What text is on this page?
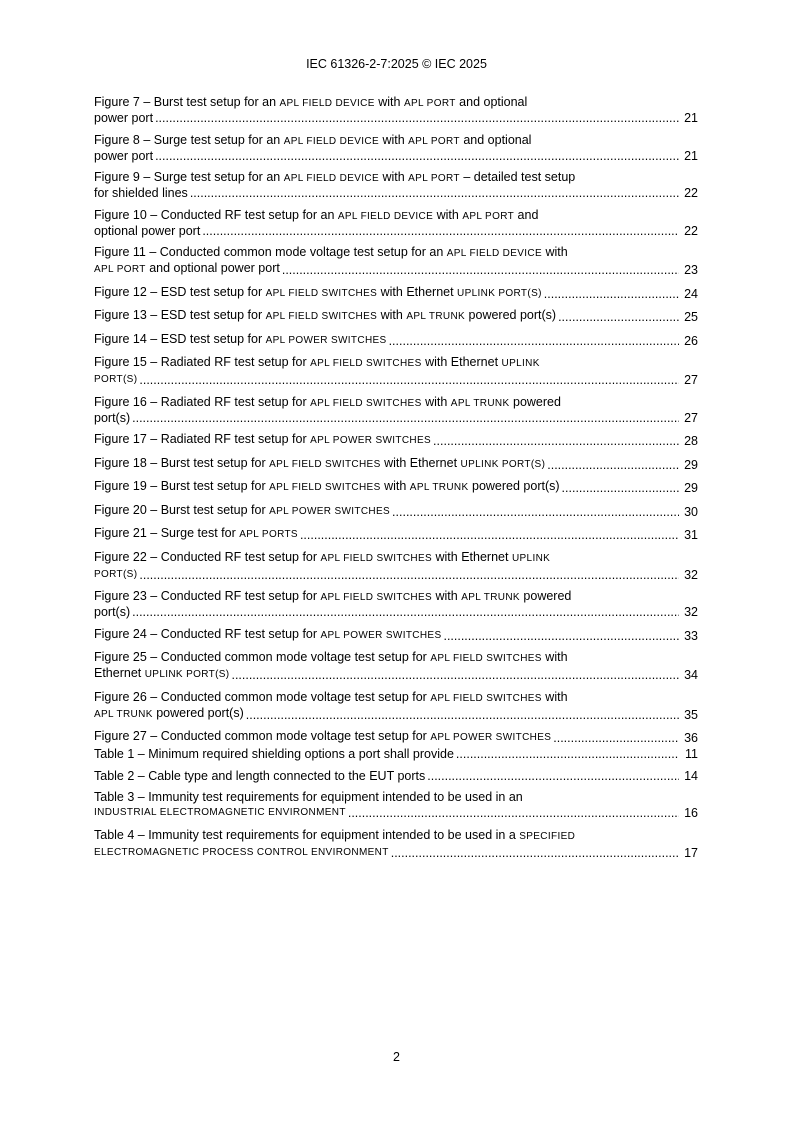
IEC 61326-2-7:2025 © IEC 2025
Figure 7 – Burst test setup for an APL FIELD DEVICE with APL PORT and optional
power port .....	21
Figure 8 – Surge test setup for an APL FIELD DEVICE with APL PORT and optional
power port .....	21
Figure 9 – Surge test setup for an APL FIELD DEVICE with APL PORT – detailed test setup
for shielded lines .....	22
Figure 10 – Conducted RF test setup for an APL FIELD DEVICE with APL PORT and
optional power port .....	22
Figure 11 – Conducted common mode voltage test setup for an APL FIELD DEVICE with
APL PORT and optional power port .....	23
Figure 12 – ESD test setup for APL FIELD SWITCHES with Ethernet UPLINK PORT(S) .....	24
Figure 13 – ESD test setup for APL FIELD SWITCHES with APL TRUNK powered port(s) .....	25
Figure 14 – ESD test setup for APL POWER SWITCHES .....	26
Figure 15 – Radiated RF test setup for APL FIELD SWITCHES with Ethernet UPLINK
PORT(S) .....	27
Figure 16 – Radiated RF test setup for APL FIELD SWITCHES with APL TRUNK powered
port(s) .....	27
Figure 17 – Radiated RF test setup for APL POWER SWITCHES .....	28
Figure 18 – Burst test setup for APL FIELD SWITCHES with Ethernet UPLINK PORT(S) .....	29
Figure 19 – Burst test setup for APL FIELD SWITCHES with APL TRUNK powered port(s) .....	29
Figure 20 – Burst test setup for APL POWER SWITCHES .....	30
Figure 21 – Surge test for APL PORTS .....	31
Figure 22 – Conducted RF test setup for APL FIELD SWITCHES with Ethernet UPLINK
PORT(S) .....	32
Figure 23 – Conducted RF test setup for APL FIELD SWITCHES with APL TRUNK powered
port(s) .....	32
Figure 24 – Conducted RF test setup for APL POWER SWITCHES .....	33
Figure 25 – Conducted common mode voltage test setup for APL FIELD SWITCHES with
Ethernet UPLINK PORT(S) .....	34
Figure 26 – Conducted common mode voltage test setup for APL FIELD SWITCHES with
APL TRUNK powered port(s) .....	35
Figure 27 – Conducted common mode voltage test setup for APL POWER SWITCHES .....	36
Table 1 – Minimum required shielding options a port shall provide .....	11
Table 2 – Cable type and length connected to the EUT ports .....	14
Table 3 – Immunity test requirements for equipment intended to be used in an
INDUSTRIAL ELECTROMAGNETIC ENVIRONMENT .....	16
Table 4 – Immunity test requirements for equipment intended to be used in a SPECIFIED
ELECTROMAGNETIC PROCESS CONTROL ENVIRONMENT .....	17
2
